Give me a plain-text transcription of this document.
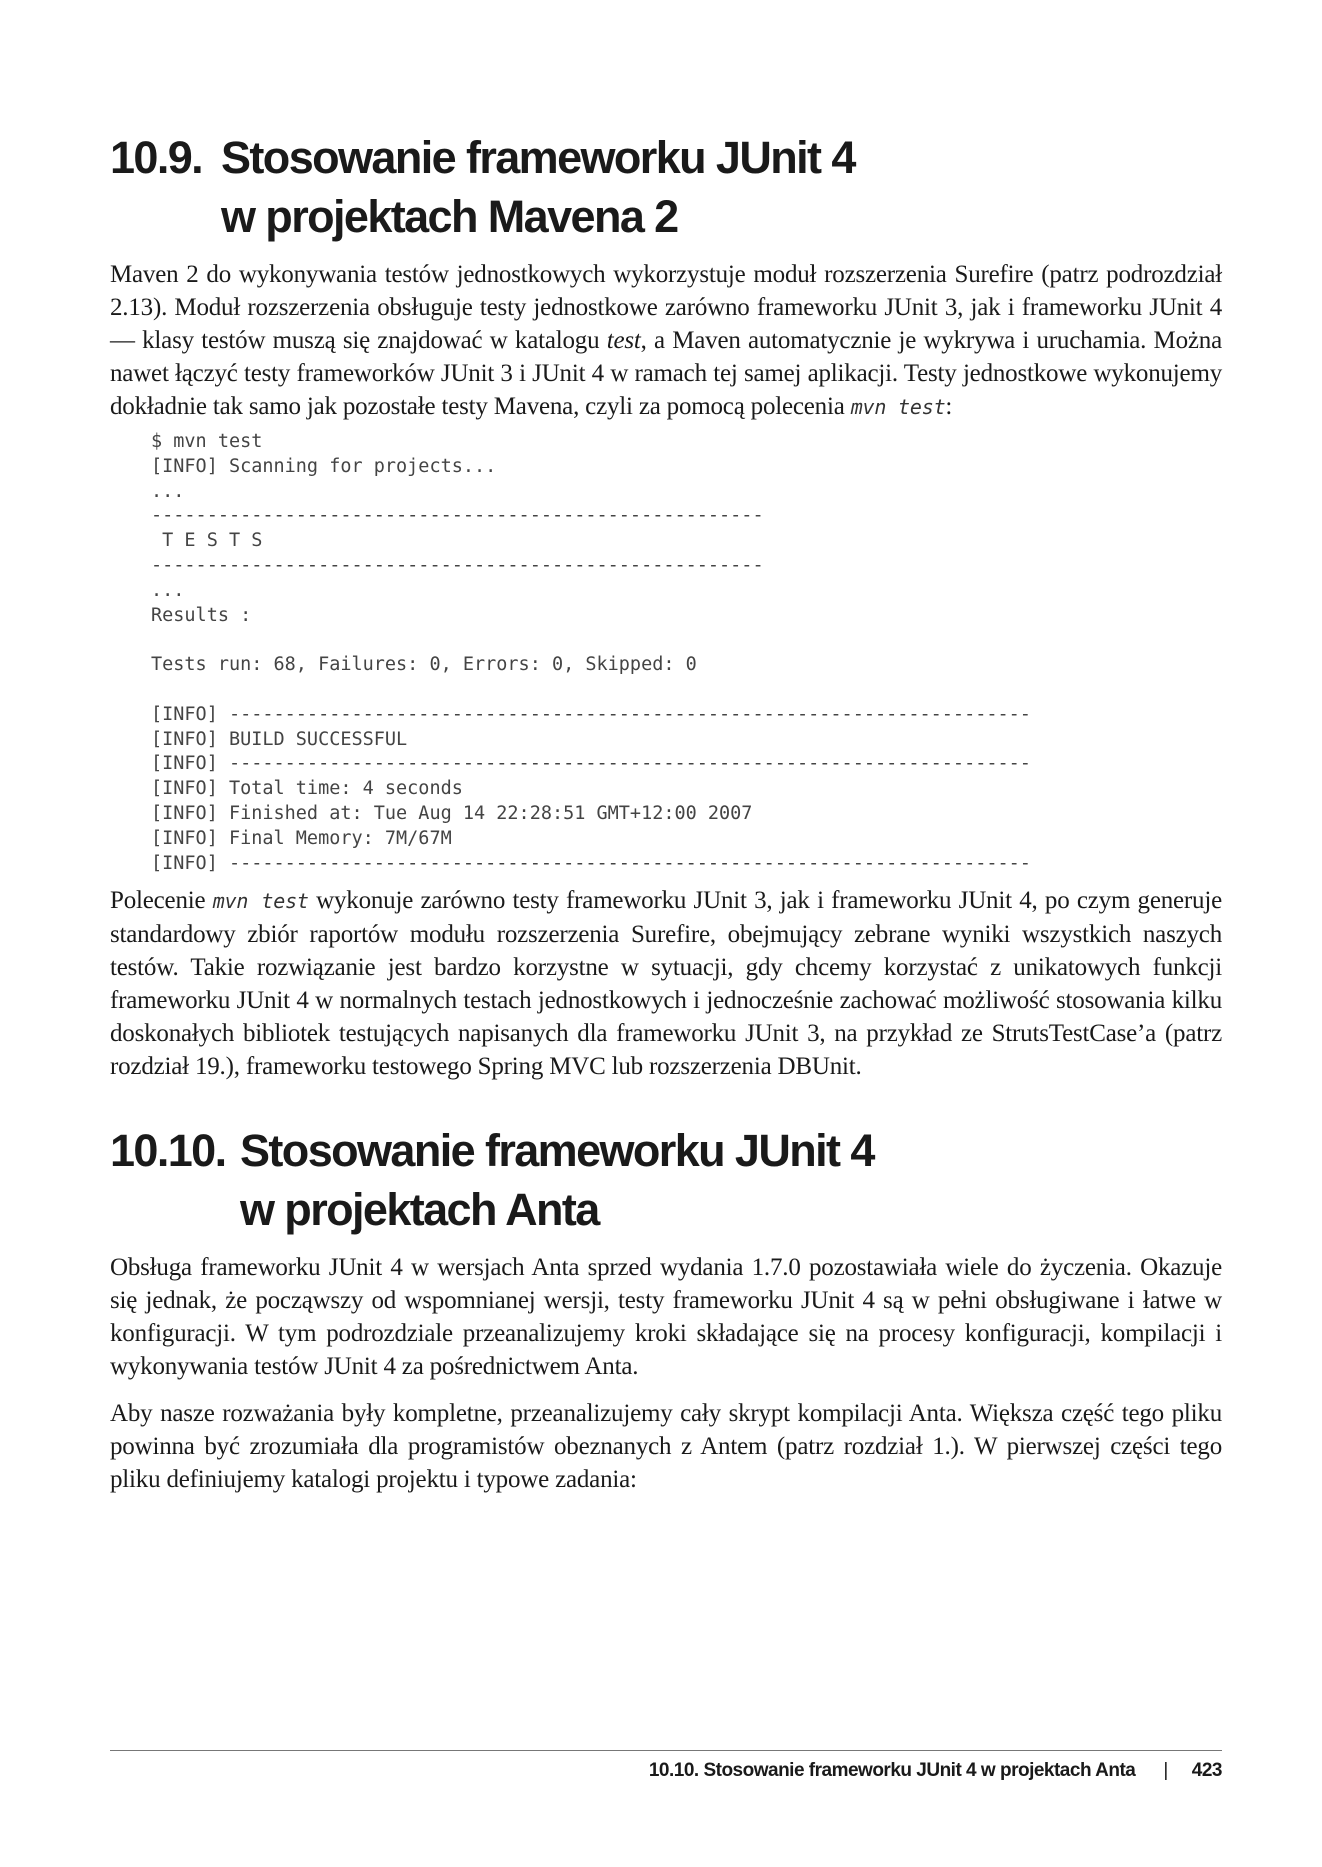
10.9. Stosowanie frameworku JUnit 4
w projektach Mavena 2

Maven 2 do wykonywania testów jednostkowych wykorzystuje moduł rozszerzenia Surefire (patrz podrozdział 2.13). Moduł rozszerzenia obsługuje testy jednostkowe zarówno frameworku JUnit 3, jak i frameworku JUnit 4 — klasy testów muszą się znajdować w katalogu test, a Maven automatycznie je wykrywa i uruchamia. Można nawet łączyć testy frameworków JUnit 3 i JUnit 4 w ramach tej samej aplikacji. Testy jednostkowe wykonujemy dokładnie tak samo jak pozostałe testy Mavena, czyli za pomocą polecenia mvn test:

$ mvn test
[INFO] Scanning for projects...
...
-------------------------------------------------------
T E S T S
-------------------------------------------------------
...
Results :

Tests run: 68, Failures: 0, Errors: 0, Skipped: 0

[INFO] ------------------------------------------------------------------------
[INFO] BUILD SUCCESSFUL
[INFO] ------------------------------------------------------------------------
[INFO] Total time: 4 seconds
[INFO] Finished at: Tue Aug 14 22:28:51 GMT+12:00 2007
[INFO] Final Memory: 7M/67M
[INFO] ------------------------------------------------------------------------

Polecenie mvn test wykonuje zarówno testy frameworku JUnit 3, jak i frameworku JUnit 4, po czym generuje standardowy zbiór raportów modułu rozszerzenia Surefire, obejmujący zebrane wyniki wszystkich naszych testów. Takie rozwiązanie jest bardzo korzystne w sytuacji, gdy chcemy korzystać z unikatowych funkcji frameworku JUnit 4 w normalnych testach jednostkowych i jednocześnie zachować możliwość stosowania kilku doskonałych bibliotek testujących napisanych dla frameworku JUnit 3, na przykład ze StrutsTestCase’a (patrz rozdział 19.), frameworku testowego Spring MVC lub rozszerzenia DBUnit.

10.10. Stosowanie frameworku JUnit 4
w projektach Anta

Obsługa frameworku JUnit 4 w wersjach Anta sprzed wydania 1.7.0 pozostawiała wiele do życzenia. Okazuje się jednak, że począwszy od wspomnianej wersji, testy frameworku JUnit 4 są w pełni obsługiwane i łatwe w konfiguracji. W tym podrozdziale przeanalizujemy kroki składające się na procesy konfiguracji, kompilacji i wykonywania testów JUnit 4 za pośrednictwem Anta.

Aby nasze rozważania były kompletne, przeanalizujemy cały skrypt kompilacji Anta. Większa część tego pliku powinna być zrozumiała dla programistów obeznanych z Antem (patrz rozdział 1.). W pierwszej części tego pliku definiujemy katalogi projektu i typowe zadania:

10.10. Stosowanie frameworku JUnit 4 w projektach Anta | 423
